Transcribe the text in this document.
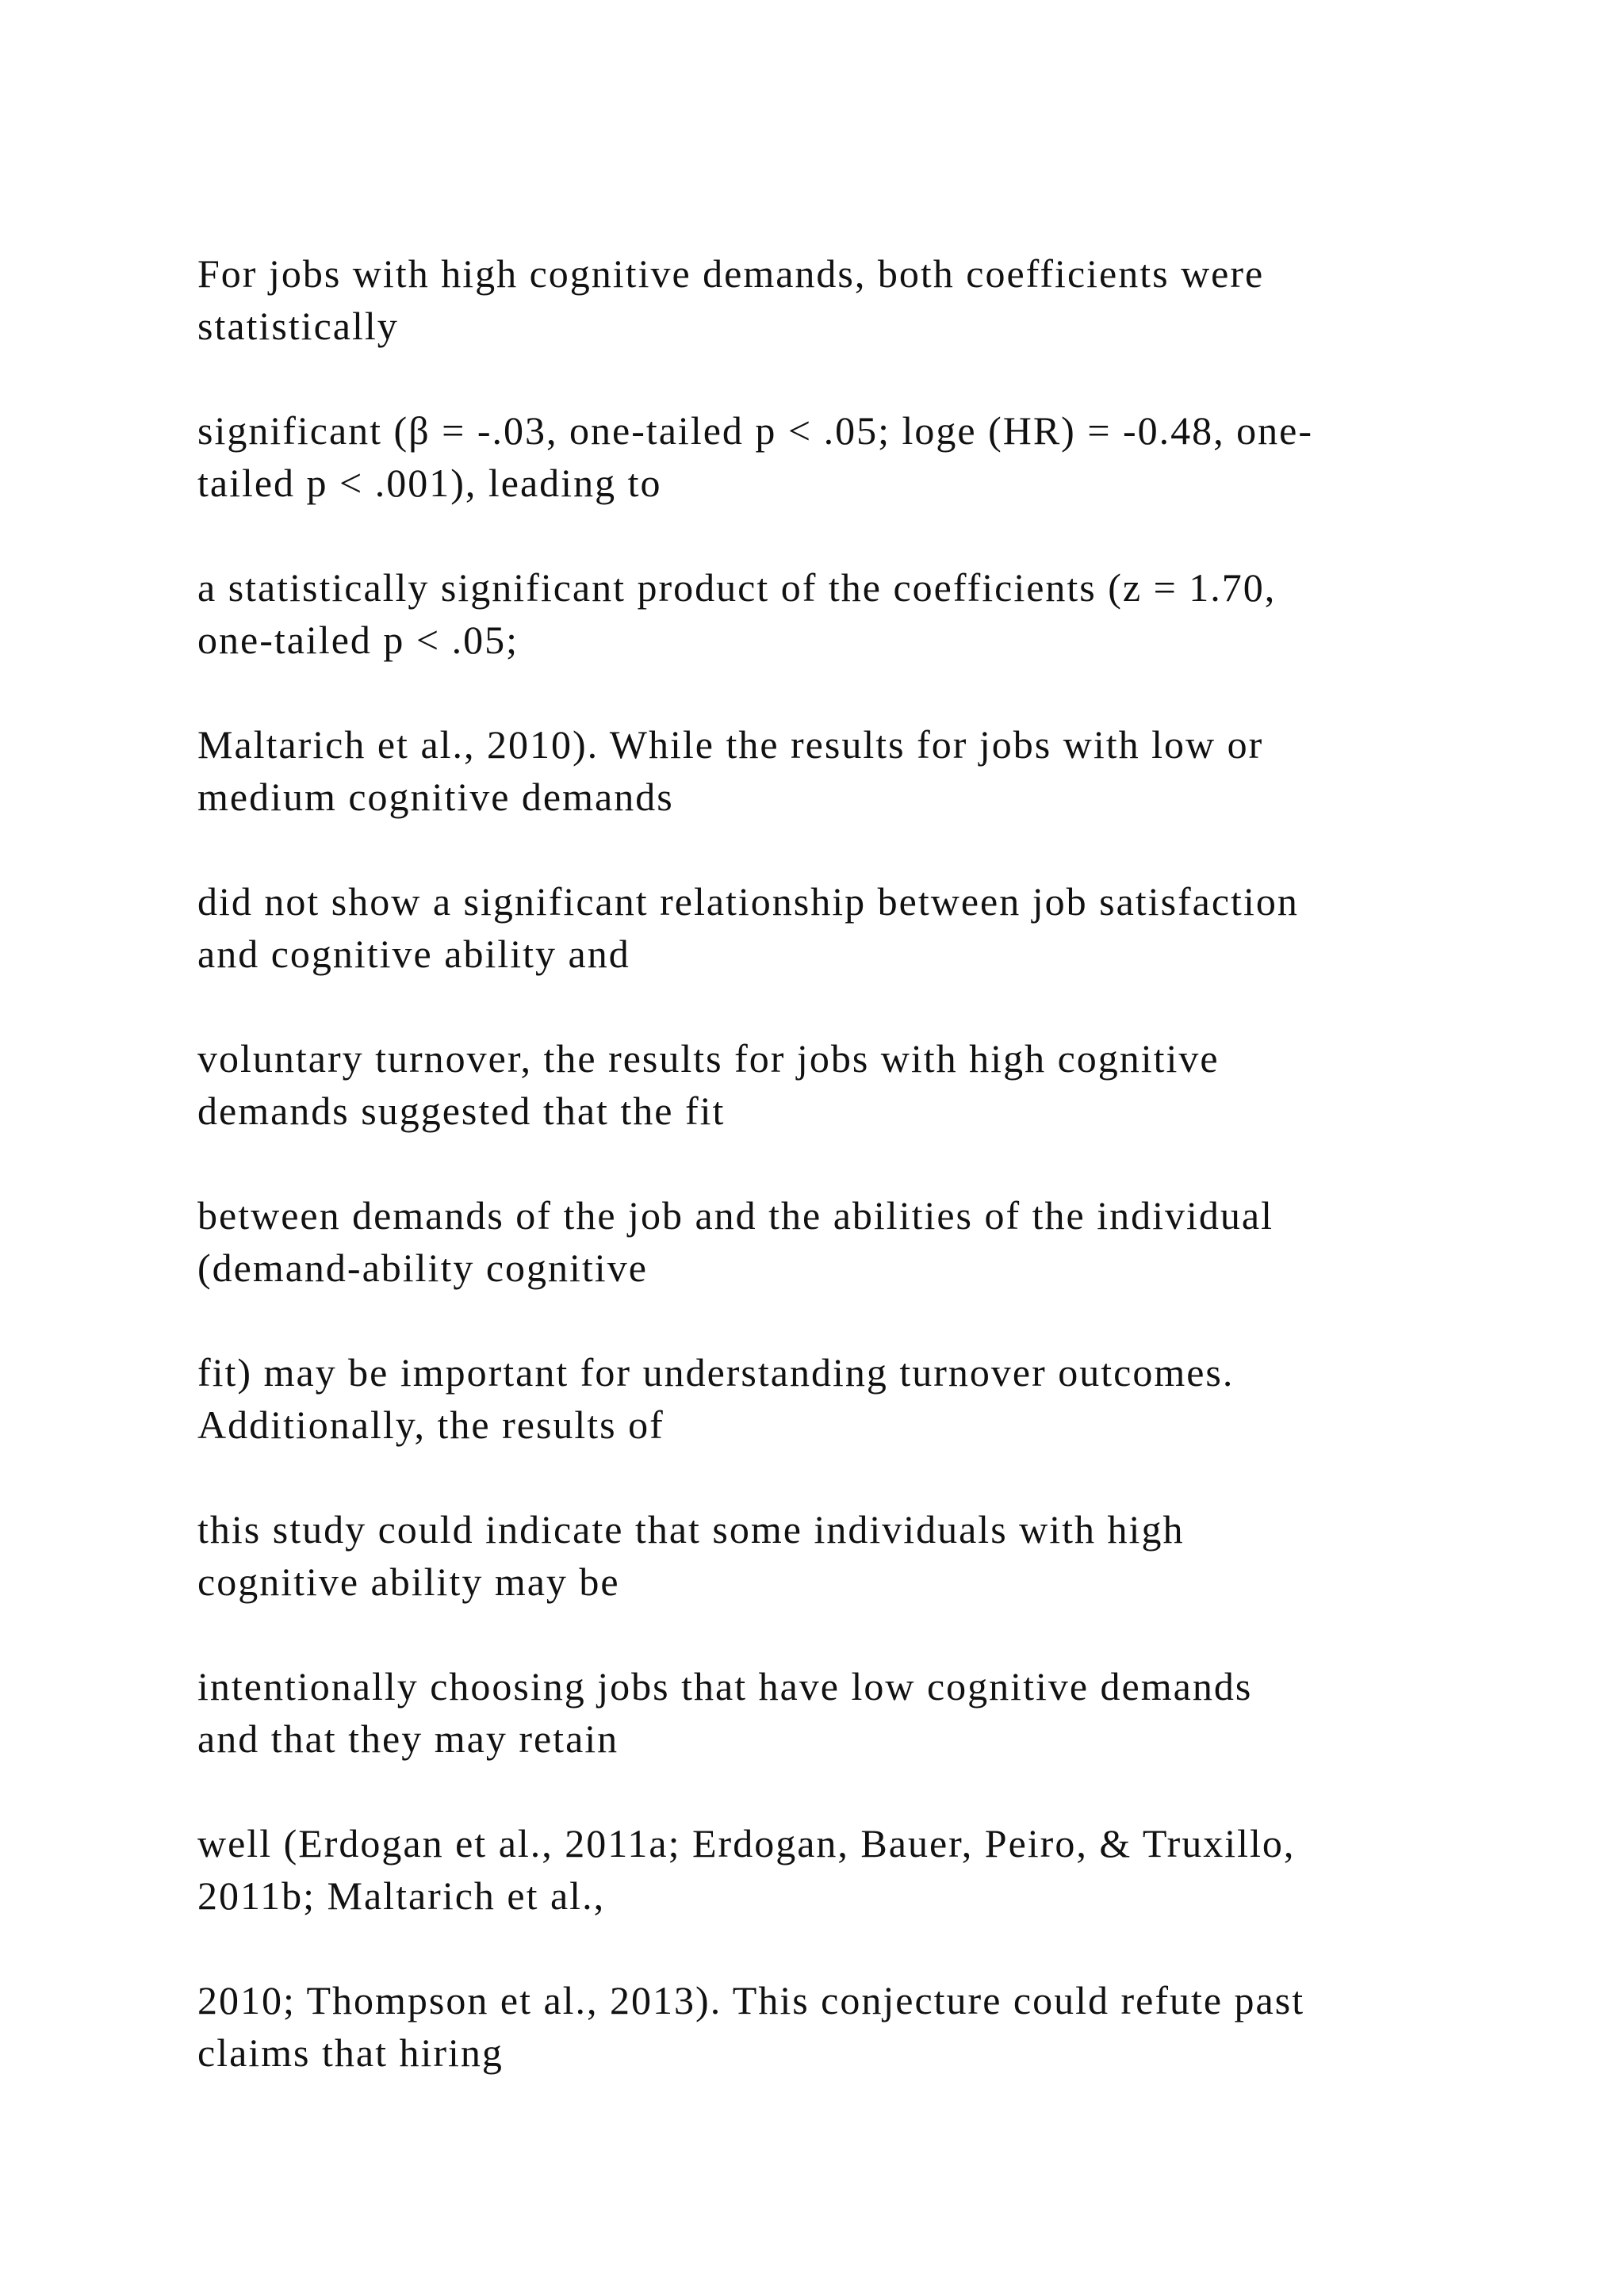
For jobs with high cognitive demands, both coefficients were
statistically

significant (β = -.03, one-tailed p < .05; loge (HR) = -0.48, one-
tailed p < .001), leading to

a statistically significant product of the coefficients (z = 1.70,
one-tailed p < .05;

Maltarich et al., 2010). While the results for jobs with low or
medium cognitive demands

did not show a significant relationship between job satisfaction
and cognitive ability and

voluntary turnover, the results for jobs with high cognitive
demands suggested that the fit

between demands of the job and the abilities of the individual
(demand-ability cognitive

fit) may be important for understanding turnover outcomes.
Additionally, the results of

this study could indicate that some individuals with high
cognitive ability may be

intentionally choosing jobs that have low cognitive demands
and that they may retain

well (Erdogan et al., 2011a; Erdogan, Bauer, Peiro, & Truxillo,
2011b; Maltarich et al.,

2010; Thompson et al., 2013). This conjecture could refute past
claims that hiring
